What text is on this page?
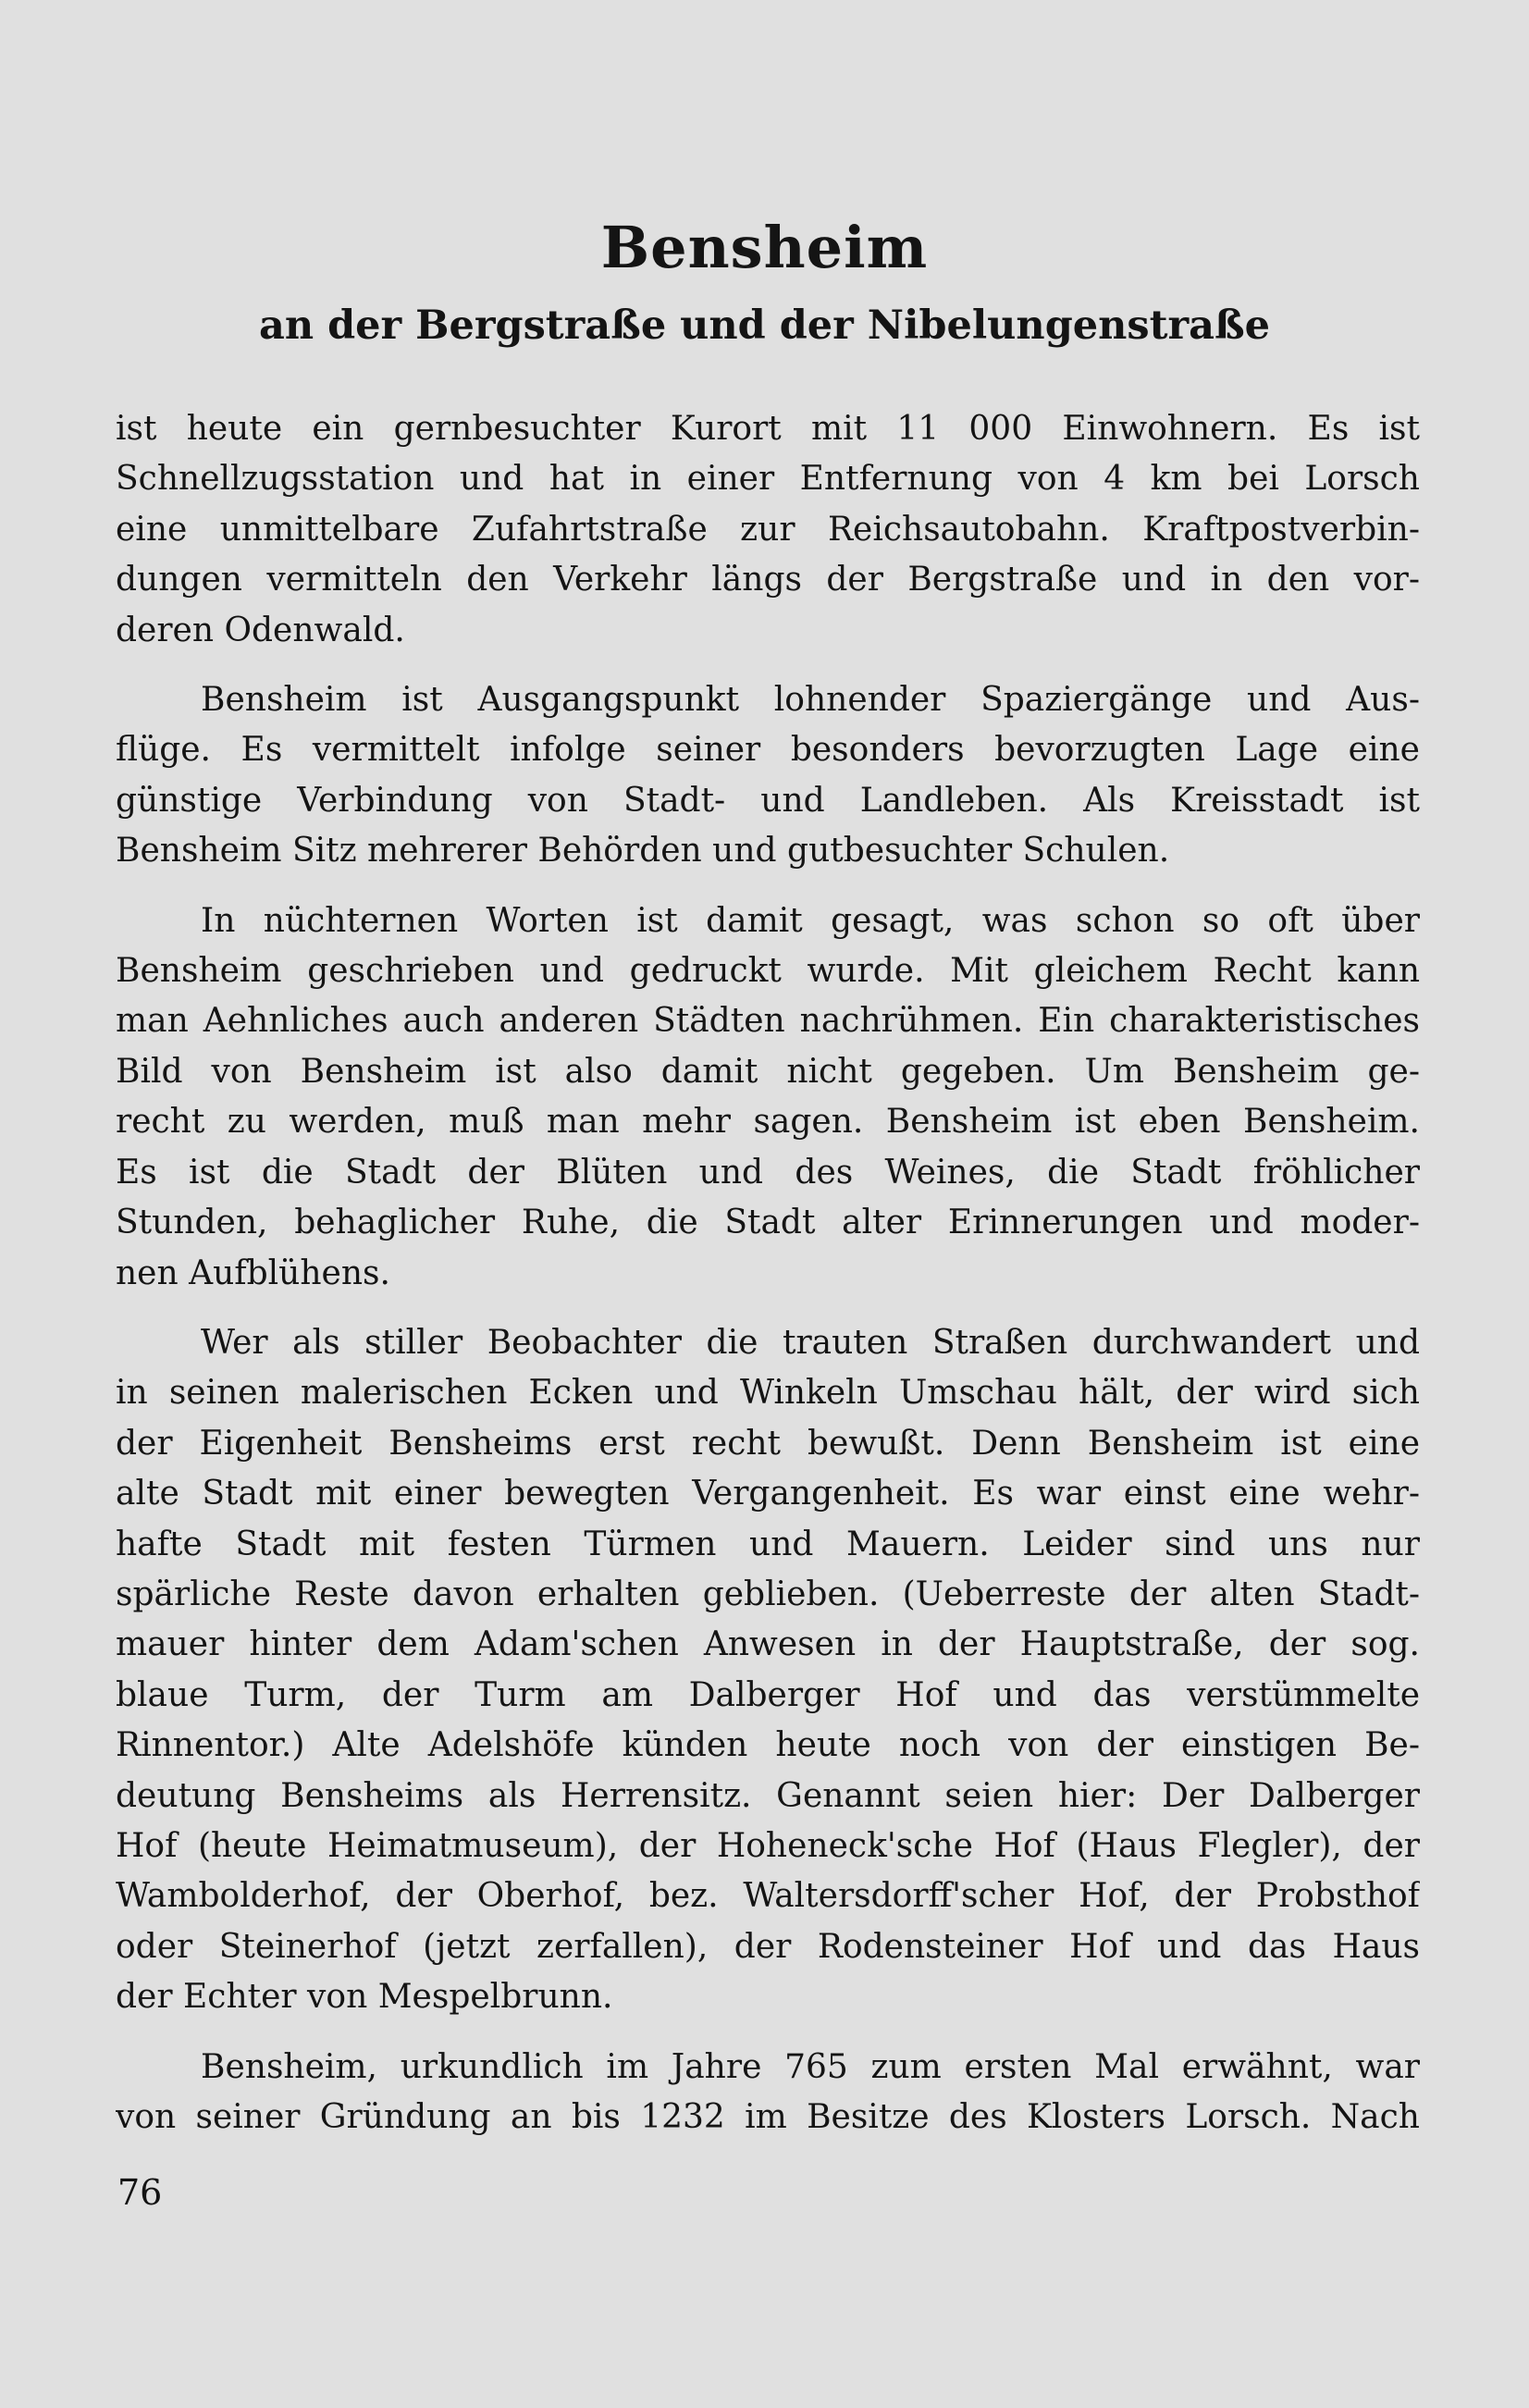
Bensheim
an der Bergstraße und der Nibelungenstraße

ist heute ein gernbesuchter Kurort mit 11 000 Einwohnern. Es ist
Schnellzugsstation und hat in einer Entfernung von 4 km bei Lorsch
eine unmittelbare Zufahrtstraße zur Reichsautobahn. Kraftpostverbin-
dungen vermitteln den Verkehr längs der Bergstraße und in den vor-
deren Odenwald.

Bensheim ist Ausgangspunkt lohnender Spaziergänge und Aus-
flüge. Es vermittelt infolge seiner besonders bevorzugten Lage eine
günstige Verbindung von Stadt- und Landleben. Als Kreisstadt ist
Bensheim Sitz mehrerer Behörden und gutbesuchter Schulen.

In nüchternen Worten ist damit gesagt, was schon so oft über
Bensheim geschrieben und gedruckt wurde. Mit gleichem Recht kann
man Aehnliches auch anderen Städten nachrühmen. Ein charakteristisches
Bild von Bensheim ist also damit nicht gegeben. Um Bensheim ge-
recht zu werden, muß man mehr sagen. Bensheim ist eben Bensheim.
Es ist die Stadt der Blüten und des Weines, die Stadt fröhlicher
Stunden, behaglicher Ruhe, die Stadt alter Erinnerungen und moder-
nen Aufblühens.

Wer als stiller Beobachter die trauten Straßen durchwandert und
in seinen malerischen Ecken und Winkeln Umschau hält, der wird sich
der Eigenheit Bensheims erst recht bewußt. Denn Bensheim ist eine
alte Stadt mit einer bewegten Vergangenheit. Es war einst eine wehr-
hafte Stadt mit festen Türmen und Mauern. Leider sind uns nur
spärliche Reste davon erhalten geblieben. (Ueberreste der alten Stadt-
mauer hinter dem Adam'schen Anwesen in der Hauptstraße, der sog.
blaue Turm, der Turm am Dalberger Hof und das verstümmelte
Rinnentor.) Alte Adelshöfe künden heute noch von der einstigen Be-
deutung Bensheims als Herrensitz. Genannt seien hier: Der Dalberger
Hof (heute Heimatmuseum), der Hoheneck'sche Hof (Haus Flegler), der
Wambolderhof, der Oberhof, bez. Waltersdorff'scher Hof, der Probsthof
oder Steinerhof (jetzt zerfallen), der Rodensteiner Hof und das Haus
der Echter von Mespelbrunn.

Bensheim, urkundlich im Jahre 765 zum ersten Mal erwähnt, war
von seiner Gründung an bis 1232 im Besitze des Klosters Lorsch. Nach

76
